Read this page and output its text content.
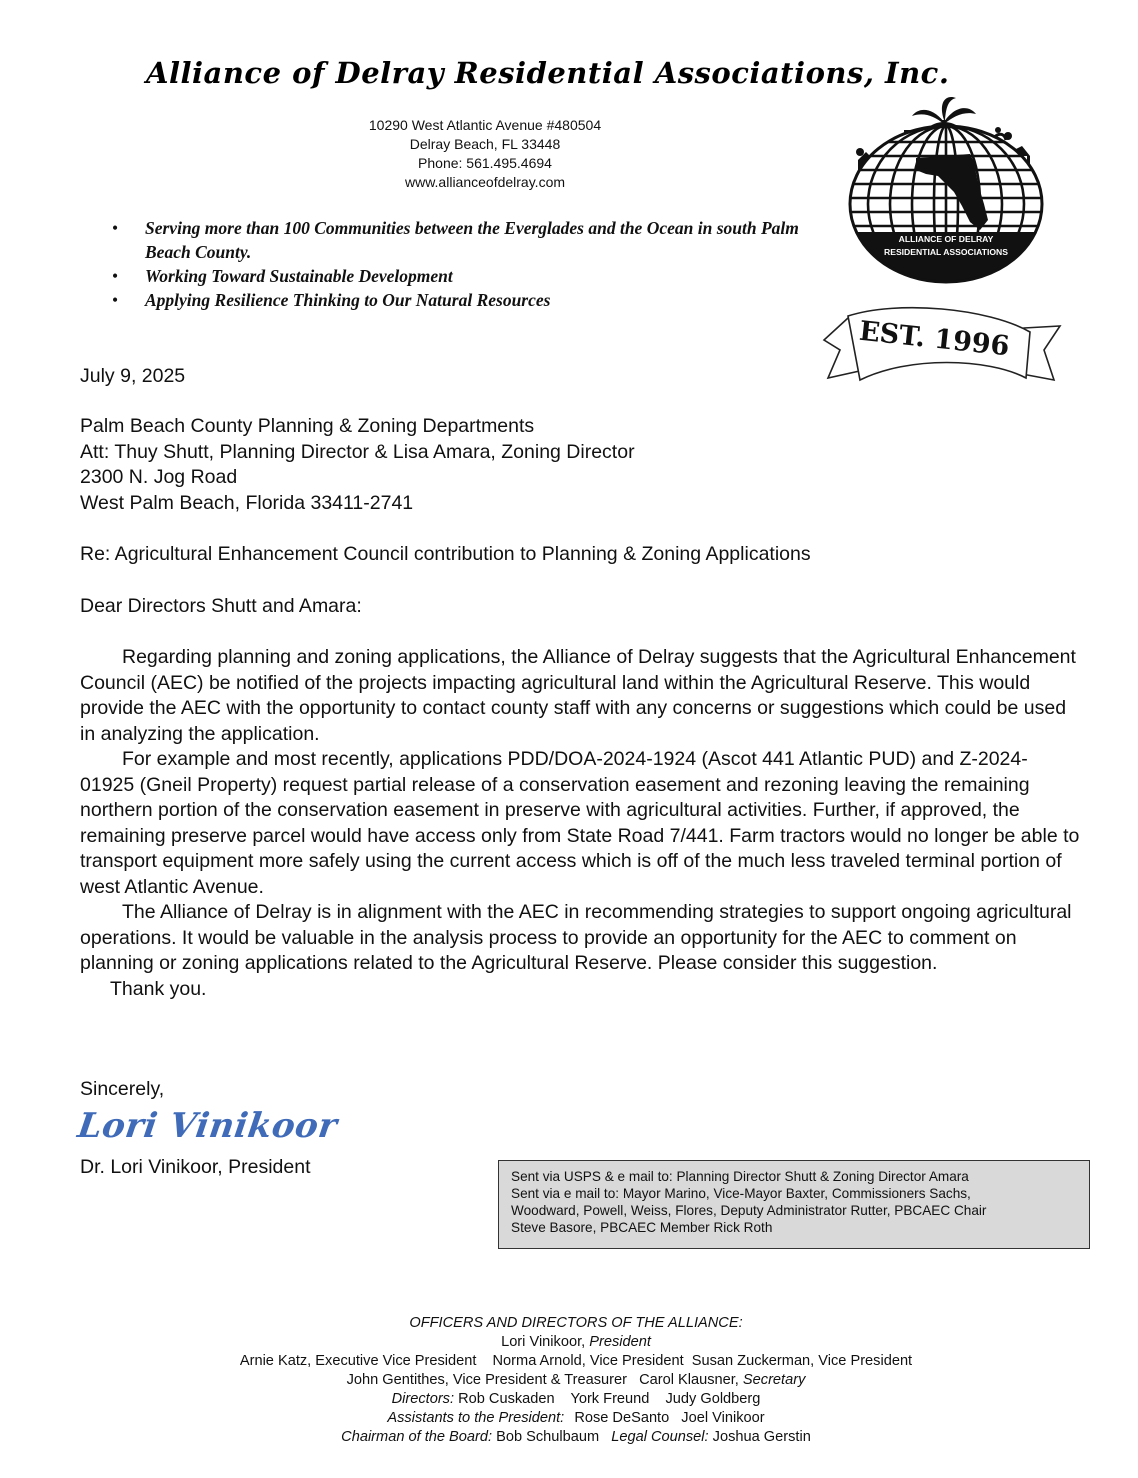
Alliance of Delray Residential Associations, Inc.
10290 West Atlantic Avenue #480504
Delray Beach, FL 33448
Phone: 561.495.4694
www.allianceofdelray.com
• Serving more than 100 Communities between the Everglades and the Ocean in south Palm Beach County.
• Working Toward Sustainable Development
• Applying Resilience Thinking to Our Natural Resources
ALLIANCE OF DELRAY
RESIDENTIAL ASSOCIATIONS
EST. 1996
July 9, 2025
Palm Beach County Planning & Zoning Departments
Att: Thuy Shutt, Planning Director & Lisa Amara, Zoning Director
2300 N. Jog Road
West Palm Beach, Florida 33411-2741
Re: Agricultural Enhancement Council contribution to Planning & Zoning Applications
Dear Directors Shutt and Amara:

Regarding planning and zoning applications, the Alliance of Delray suggests that the Agricultural Enhancement Council (AEC) be notified of the projects impacting agricultural land within the Agricultural Reserve. This would provide the AEC with the opportunity to contact county staff with any concerns or suggestions which could be used in analyzing the application.

For example and most recently, applications PDD/DOA-2024-1924 (Ascot 441 Atlantic PUD) and Z-2024-01925 (Gneil Property) request partial release of a conservation easement and rezoning leaving the remaining northern portion of the conservation easement in preserve with agricultural activities. Further, if approved, the remaining preserve parcel would have access only from State Road 7/441. Farm tractors would no longer be able to transport equipment more safely using the current access which is off of the much less traveled terminal portion of west Atlantic Avenue.

The Alliance of Delray is in alignment with the AEC in recommending strategies to support ongoing agricultural operations. It would be valuable in the analysis process to provide an opportunity for the AEC to comment on planning or zoning applications related to the Agricultural Reserve. Please consider this suggestion.

Thank you.

Sincerely,
Lori Vinikoor
Dr. Lori Vinikoor, President	Sent via USPS & e mail to: Planning Director Shutt & Zoning Director Amara
Sent via e mail to: Mayor Marino, Vice-Mayor Baxter, Commissioners Sachs,
Woodward, Powell, Weiss, Flores, Deputy Administrator Rutter, PBCAEC Chair
Steve Basore, PBCAEC Member Rick Roth
OFFICERS AND DIRECTORS OF THE ALLIANCE:
Lori Vinikoor, President
Arnie Katz, Executive Vice President Norma Arnold, Vice President Susan Zuckerman, Vice President
John Gentithes, Vice President & Treasurer Carol Klausner, Secretary
Directors: Rob Cuskaden York Freund Judy Goldberg
Assistants to the President: Rose DeSanto Joel Vinikoor
Chairman of the Board: Bob Schulbaum Legal Counsel: Joshua Gerstin
